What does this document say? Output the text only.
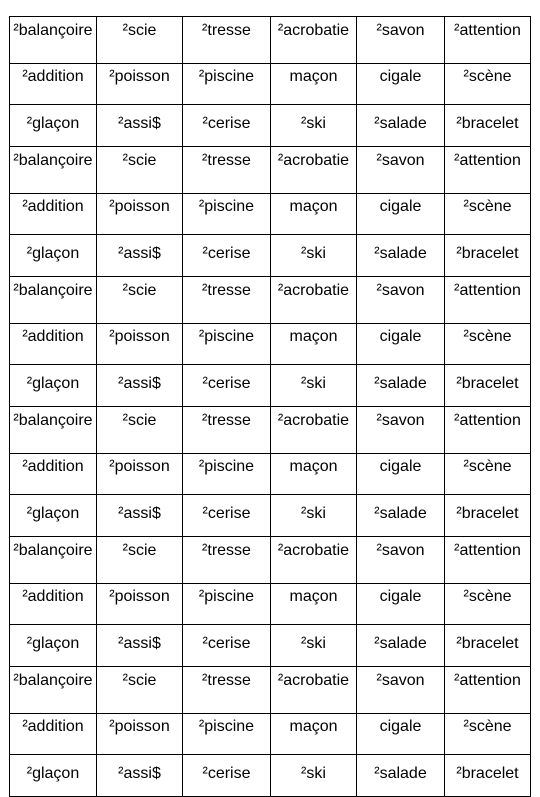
²balançoire	²scie	²tresse	²acrobatie	²savon	²attention
²addition	²poisson	²piscine	maçon	cigale	²scène
²glaçon	²assi$	²cerise	²ski	²salade	²bracelet
²balançoire	²scie	²tresse	²acrobatie	²savon	²attention
²addition	²poisson	²piscine	maçon	cigale	²scène
²glaçon	²assi$	²cerise	²ski	²salade	²bracelet
²balançoire	²scie	²tresse	²acrobatie	²savon	²attention
²addition	²poisson	²piscine	maçon	cigale	²scène
²glaçon	²assi$	²cerise	²ski	²salade	²bracelet
²balançoire	²scie	²tresse	²acrobatie	²savon	²attention
²addition	²poisson	²piscine	maçon	cigale	²scène
²glaçon	²assi$	²cerise	²ski	²salade	²bracelet
²balançoire	²scie	²tresse	²acrobatie	²savon	²attention
²addition	²poisson	²piscine	maçon	cigale	²scène
²glaçon	²assi$	²cerise	²ski	²salade	²bracelet
²balançoire	²scie	²tresse	²acrobatie	²savon	²attention
²addition	²poisson	²piscine	maçon	cigale	²scène
²glaçon	²assi$	²cerise	²ski	²salade	²bracelet
